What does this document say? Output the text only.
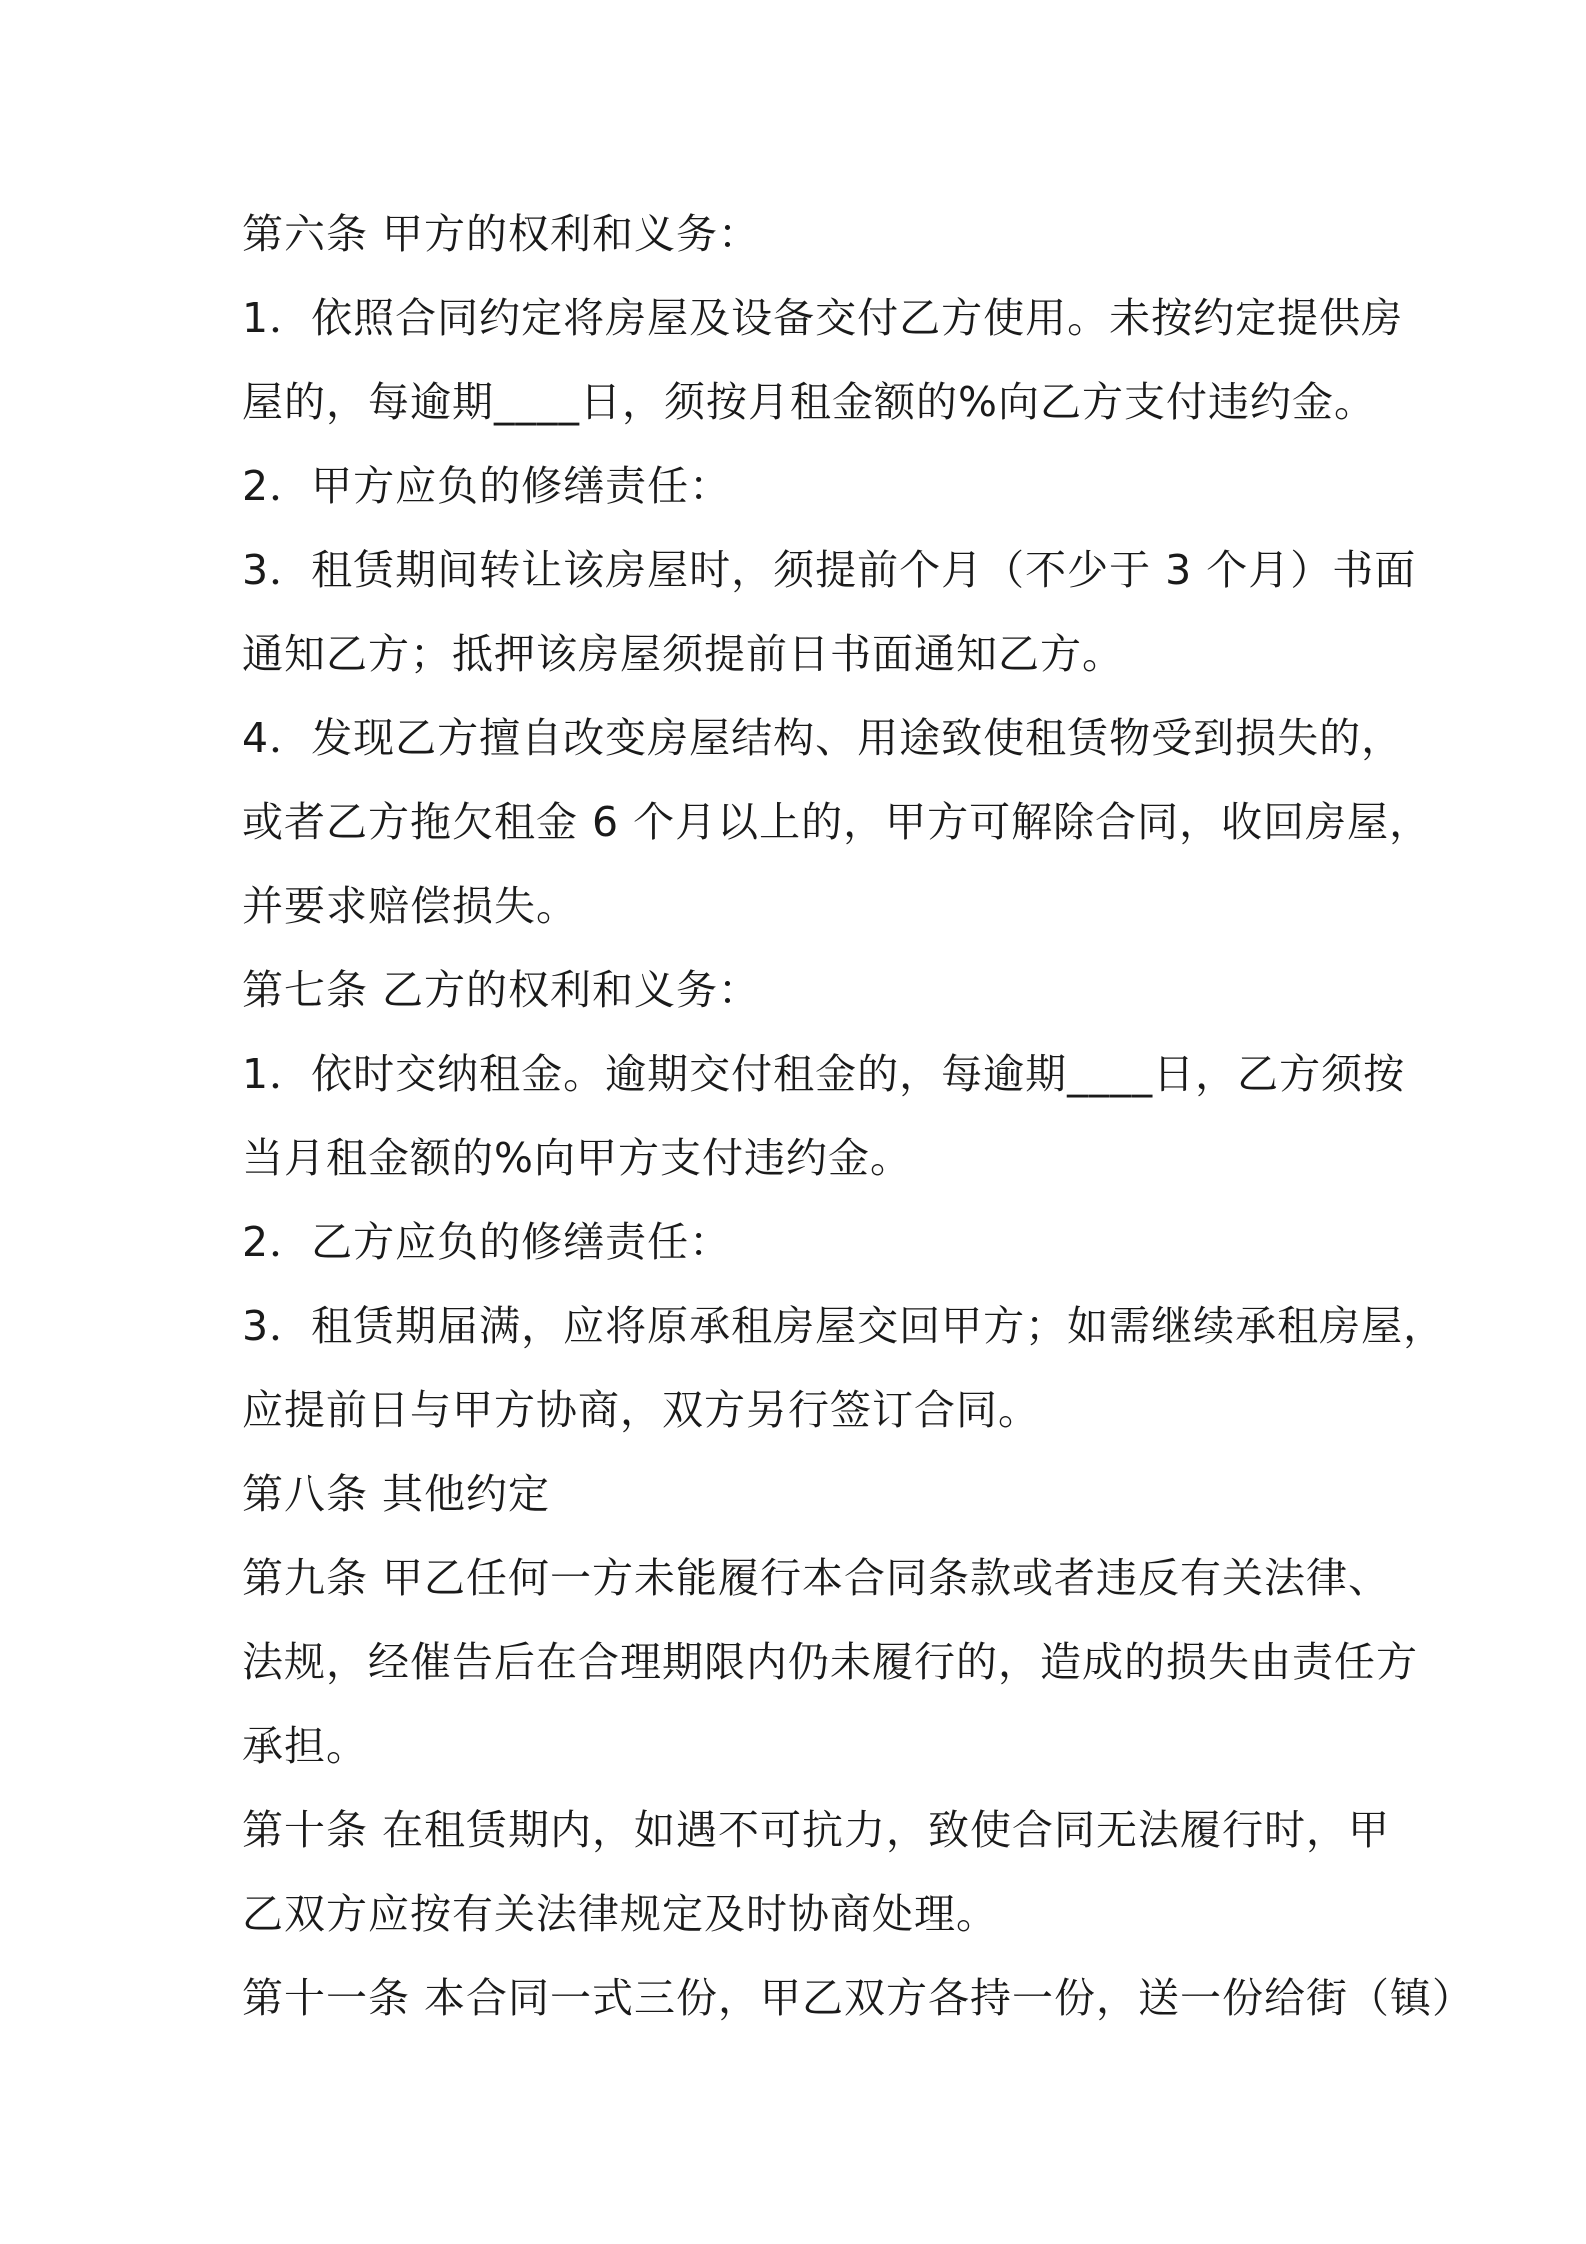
第六条 甲方的权利和义务：
1．依照合同约定将房屋及设备交付乙方使用。未按约定提供房
屋的，每逾期____日，须按月租金额的%向乙方支付违约金。
2．甲方应负的修缮责任：
3．租赁期间转让该房屋时，须提前个月（不少于 3 个月）书面
通知乙方；抵押该房屋须提前日书面通知乙方。
4．发现乙方擅自改变房屋结构、用途致使租赁物受到损失的，
或者乙方拖欠租金 6 个月以上的，甲方可解除合同，收回房屋，
并要求赔偿损失。
第七条 乙方的权利和义务：
1．依时交纳租金。逾期交付租金的，每逾期____日，乙方须按
当月租金额的%向甲方支付违约金。
2．乙方应负的修缮责任：
3．租赁期届满，应将原承租房屋交回甲方；如需继续承租房屋，
应提前日与甲方协商，双方另行签订合同。
第八条 其他约定
第九条 甲乙任何一方未能履行本合同条款或者违反有关法律、
法规，经催告后在合理期限内仍未履行的，造成的损失由责任方
承担。
第十条 在租赁期内，如遇不可抗力，致使合同无法履行时，甲
乙双方应按有关法律规定及时协商处理。
第十一条 本合同一式三份，甲乙双方各持一份，送一份给街（镇）
